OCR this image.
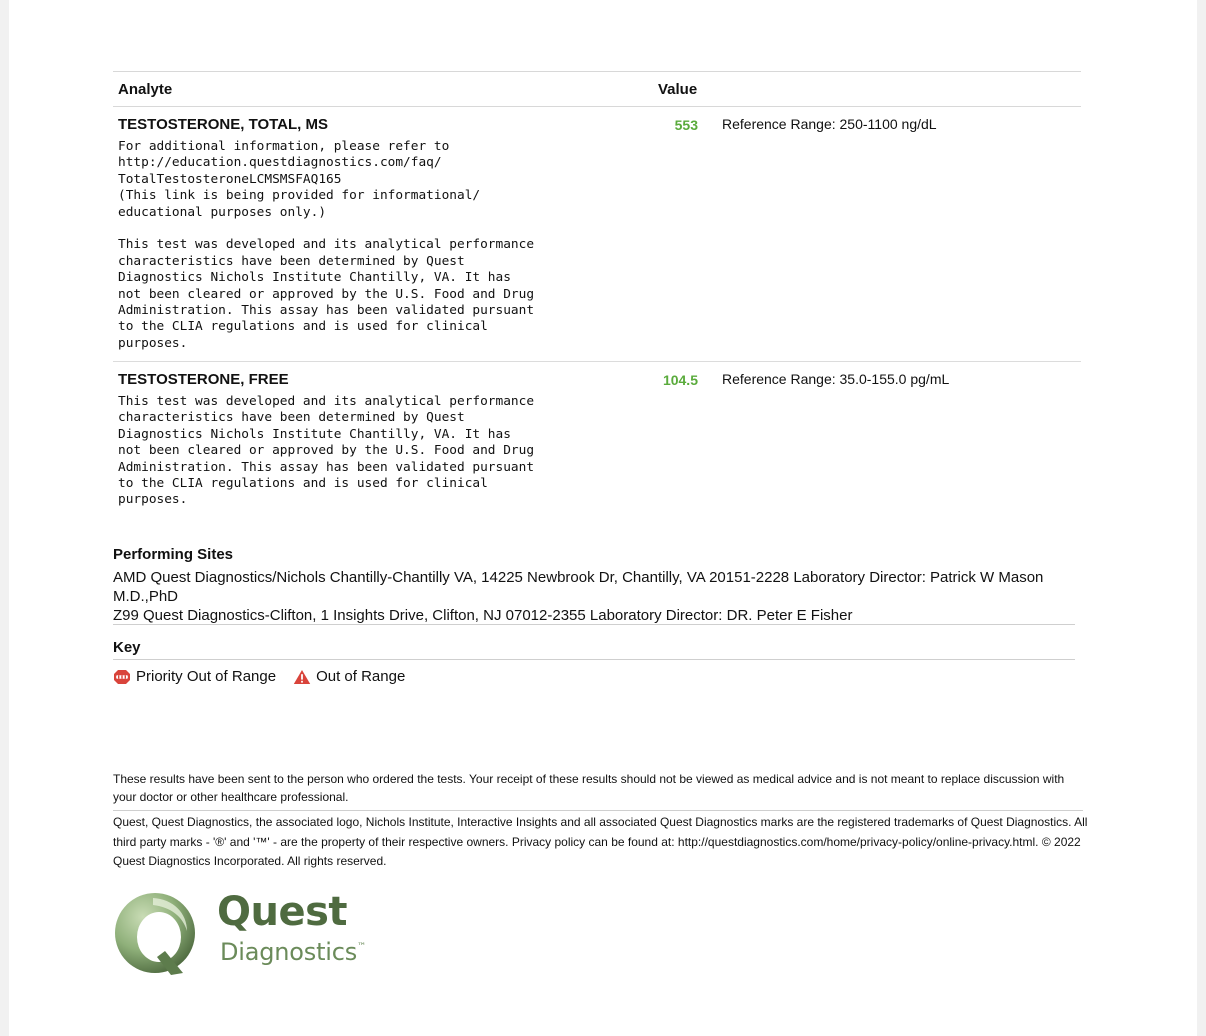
Analyte	Value
TESTOSTERONE, TOTAL, MS	553 Reference Range: 250-1100 ng/dL
For additional information, please refer to
http://education.questdiagnostics.com/faq/
TotalTestosteroneLCMSMSFAQ165
(This link is being provided for informational/
educational purposes only.)

This test was developed and its analytical performance
characteristics have been determined by Quest
Diagnostics Nichols Institute Chantilly, VA. It has
not been cleared or approved by the U.S. Food and Drug
Administration. This assay has been validated pursuant
to the CLIA regulations and is used for clinical
purposes.
TESTOSTERONE, FREE	104.5 Reference Range: 35.0-155.0 pg/mL
This test was developed and its analytical performance
characteristics have been determined by Quest
Diagnostics Nichols Institute Chantilly, VA. It has
not been cleared or approved by the U.S. Food and Drug
Administration. This assay has been validated pursuant
to the CLIA regulations and is used for clinical
purposes.
Performing Sites
AMD Quest Diagnostics/Nichols Chantilly-Chantilly VA, 14225 Newbrook Dr, Chantilly, VA 20151-2228 Laboratory Director: Patrick W Mason
M.D.,PhD
Z99 Quest Diagnostics-Clifton, 1 Insights Drive, Clifton, NJ 07012-2355 Laboratory Director: DR. Peter E Fisher
Key
Priority Out of Range	Out of Range
These results have been sent to the person who ordered the tests. Your receipt of these results should not be viewed as medical advice and is not meant to replace discussion with your doctor or other healthcare professional.
Quest, Quest Diagnostics, the associated logo, Nichols Institute, Interactive Insights and all associated Quest Diagnostics marks are the registered trademarks of Quest Diagnostics. All third party marks - '®' and '™' - are the property of their respective owners. Privacy policy can be found at: http://questdiagnostics.com/home/privacy-policy/online-privacy.html. © 2022 Quest Diagnostics Incorporated. All rights reserved.
Quest
Diagnostics™
